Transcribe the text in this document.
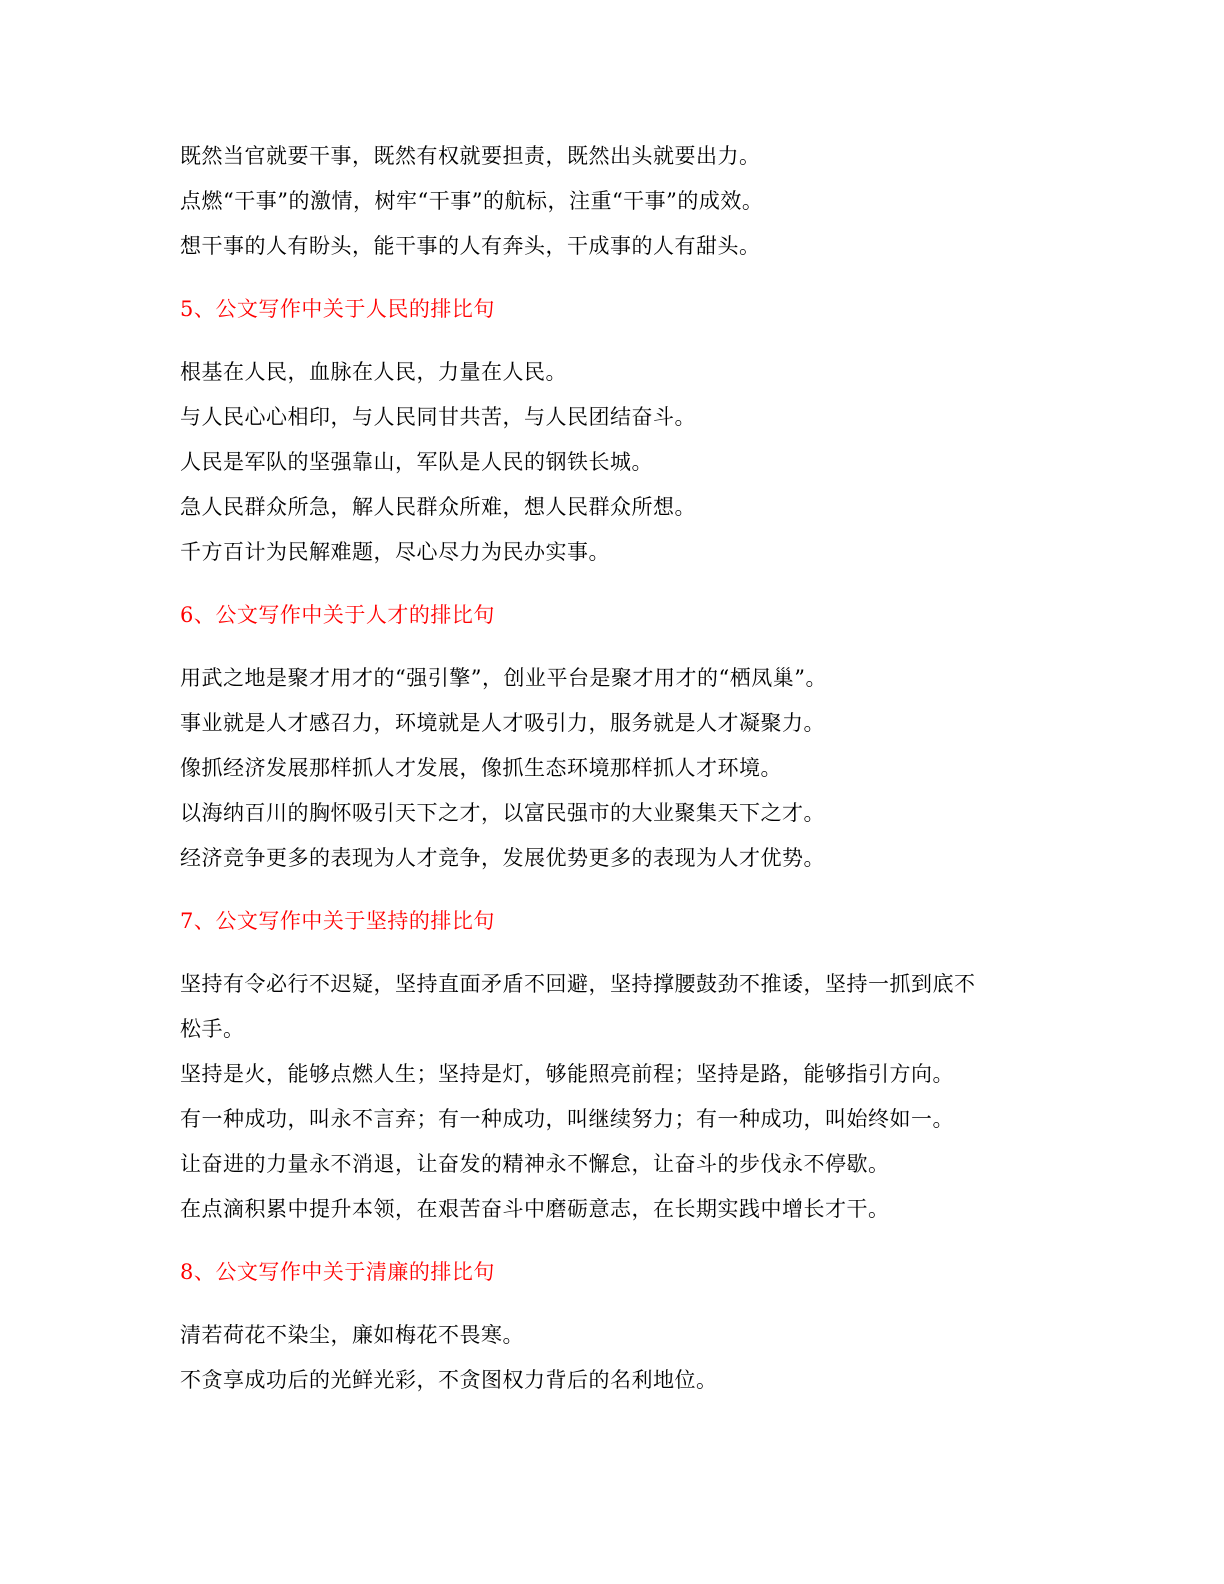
既然当官就要干事，既然有权就要担责，既然出头就要出力。
点燃“干事”的激情，树牢“干事”的航标，注重“干事”的成效。
想干事的人有盼头，能干事的人有奔头，干成事的人有甜头。
5、公文写作中关于人民的排比句
根基在人民，血脉在人民，力量在人民。
与人民心心相印，与人民同甘共苦，与人民团结奋斗。
人民是军队的坚强靠山，军队是人民的钢铁长城。
急人民群众所急，解人民群众所难，想人民群众所想。
千方百计为民解难题，尽心尽力为民办实事。
6、公文写作中关于人才的排比句
用武之地是聚才用才的“强引擎”，创业平台是聚才用才的“栖凤巢”。
事业就是人才感召力，环境就是人才吸引力，服务就是人才凝聚力。
像抓经济发展那样抓人才发展，像抓生态环境那样抓人才环境。
以海纳百川的胸怀吸引天下之才，以富民强市的大业聚集天下之才。
经济竞争更多的表现为人才竞争，发展优势更多的表现为人才优势。
7、公文写作中关于坚持的排比句
坚持有令必行不迟疑，坚持直面矛盾不回避，坚持撑腰鼓劲不推诿，坚持一抓到底不
松手。
坚持是火，能够点燃人生；坚持是灯，够能照亮前程；坚持是路，能够指引方向。
有一种成功，叫永不言弃；有一种成功，叫继续努力；有一种成功，叫始终如一。
让奋进的力量永不消退，让奋发的精神永不懈怠，让奋斗的步伐永不停歇。
在点滴积累中提升本领，在艰苦奋斗中磨砺意志，在长期实践中增长才干。
8、公文写作中关于清廉的排比句
清若荷花不染尘，廉如梅花不畏寒。
不贪享成功后的光鲜光彩，不贪图权力背后的名利地位。
